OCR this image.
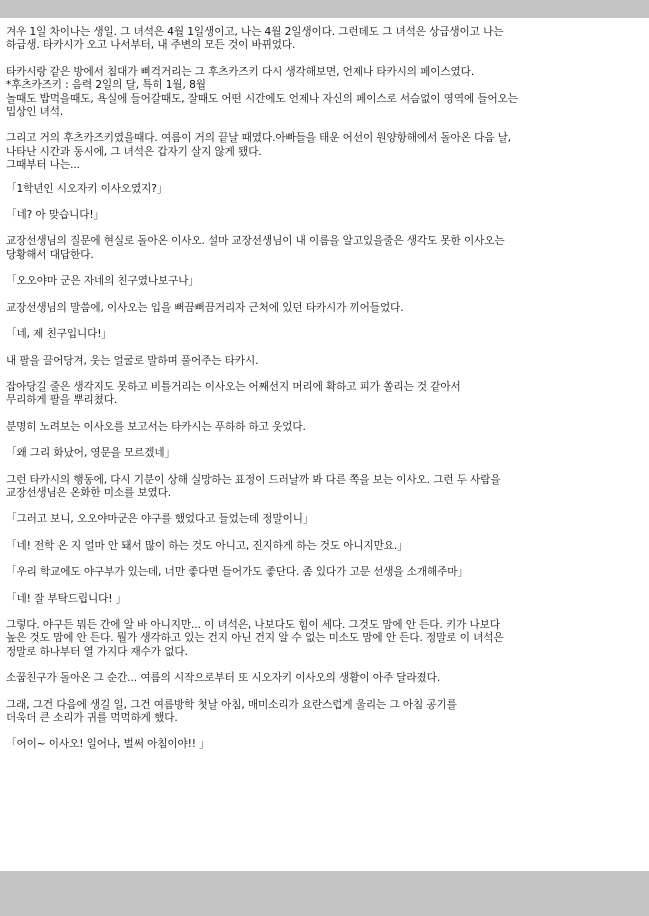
겨우 1일 차이나는 생일. 그 녀석은 4월 1일생이고, 나는 4월 2일생이다. 그런데도 그 녀석은 상급생이고 나는
하급생. 타카시가 오고 나서부터, 내 주변의 모든 것이 바뀌었다.

타카시랑 같은 방에서 침대가 삐걱거리는 그 후츠카즈키 다시 생각해보면, 언제나 타카시의 페이스였다.
*후츠카즈키 : 음력 2일의 달, 특히 1월, 8월
놀때도 밥먹을때도, 욕실에 들어갈때도, 잘때도 어떤 시간에도 언제나 자신의 페이스로 서슴없이 영역에 들어오는
밉상인 녀석.

그리고 거의 후츠카즈키였을때다. 여름이 거의 끝날 때였다.아빠들을 태운 어선이 원양항해에서 돌아온 다음 날,
나타난 시간과 동시에, 그 녀석은 갑자기 살지 않게 됐다.
그때부터 나는...

「1학년인 시오자키 이사오였지?」

「네? 아 맞습니다!」

교장선생님의 질문에 현실로 돌아온 이사오. 설마 교장선생님이 내 이름을 알고있을줄은 생각도 못한 이사오는
당황해서 대답한다.

「오오야마 군은 자네의 친구였나보구나」

교장선생님의 말씀에, 이사오는 입을 뻐끔뻐끔거리자 근처에 있던 타카시가 끼어들었다.

「네, 제 친구입니다!」

내 팔을 끌어당겨, 웃는 얼굴로 말하며 풀어주는 타카시.

잡아당길 줄은 생각지도 못하고 비틀거리는 이사오는 어째선지 머리에 확하고 피가 쏠리는 것 같아서
무리하게 팔을 뿌리쳤다.

분명히 노려보는 이사오를 보고서는 타카시는 푸하하 하고 웃었다.

「왜 그리 화났어, 영문을 모르겠네」

그런 타카시의 행동에, 다시 기분이 상해 실망하는 표정이 드러날까 봐 다른 쪽을 보는 이사오. 그런 두 사람을
교장선생님은 온화한 미소를 보였다.

「그러고 보니, 오오야마군은 야구를 했었다고 들었는데 정말이니」

「네! 전학 온 지 얼마 안 돼서 많이 하는 것도 아니고, 진지하게 하는 것도 아니지만요.」

「우리 학교에도 야구부가 있는데, 너만 좋다면 들어가도 좋단다. 좀 있다가 고문 선생을 소개해주마」

「네! 잘 부탁드립니다! 」

그렇다. 야구든 뭐든 간에 알 바 아니지만... 이 녀석은, 나보다도 힘이 세다. 그것도 맘에 안 든다. 키가 나보다
높은 것도 맘에 안 든다. 뭘가 생각하고 있는 건지 아닌 건지 알 수 없는 미소도 맘에 안 든다. 정말로 이 녀석은
정말로 하나부터 열 가지다 재수가 없다.

소꿉친구가 돌아온 그 순간... 여름의 시작으로부터 또 시오자키 이사오의 생활이 아주 달라졌다.

그래, 그건 다음에 생길 일, 그건 여름방학 첫날 아침, 매미소리가 요란스럽게 울리는 그 아침 공기를
더욱더 큰 소리가 귀를 먹먹하게 했다.

「어이~ 이사오! 일어나, 벌써 아침이야!! 」
